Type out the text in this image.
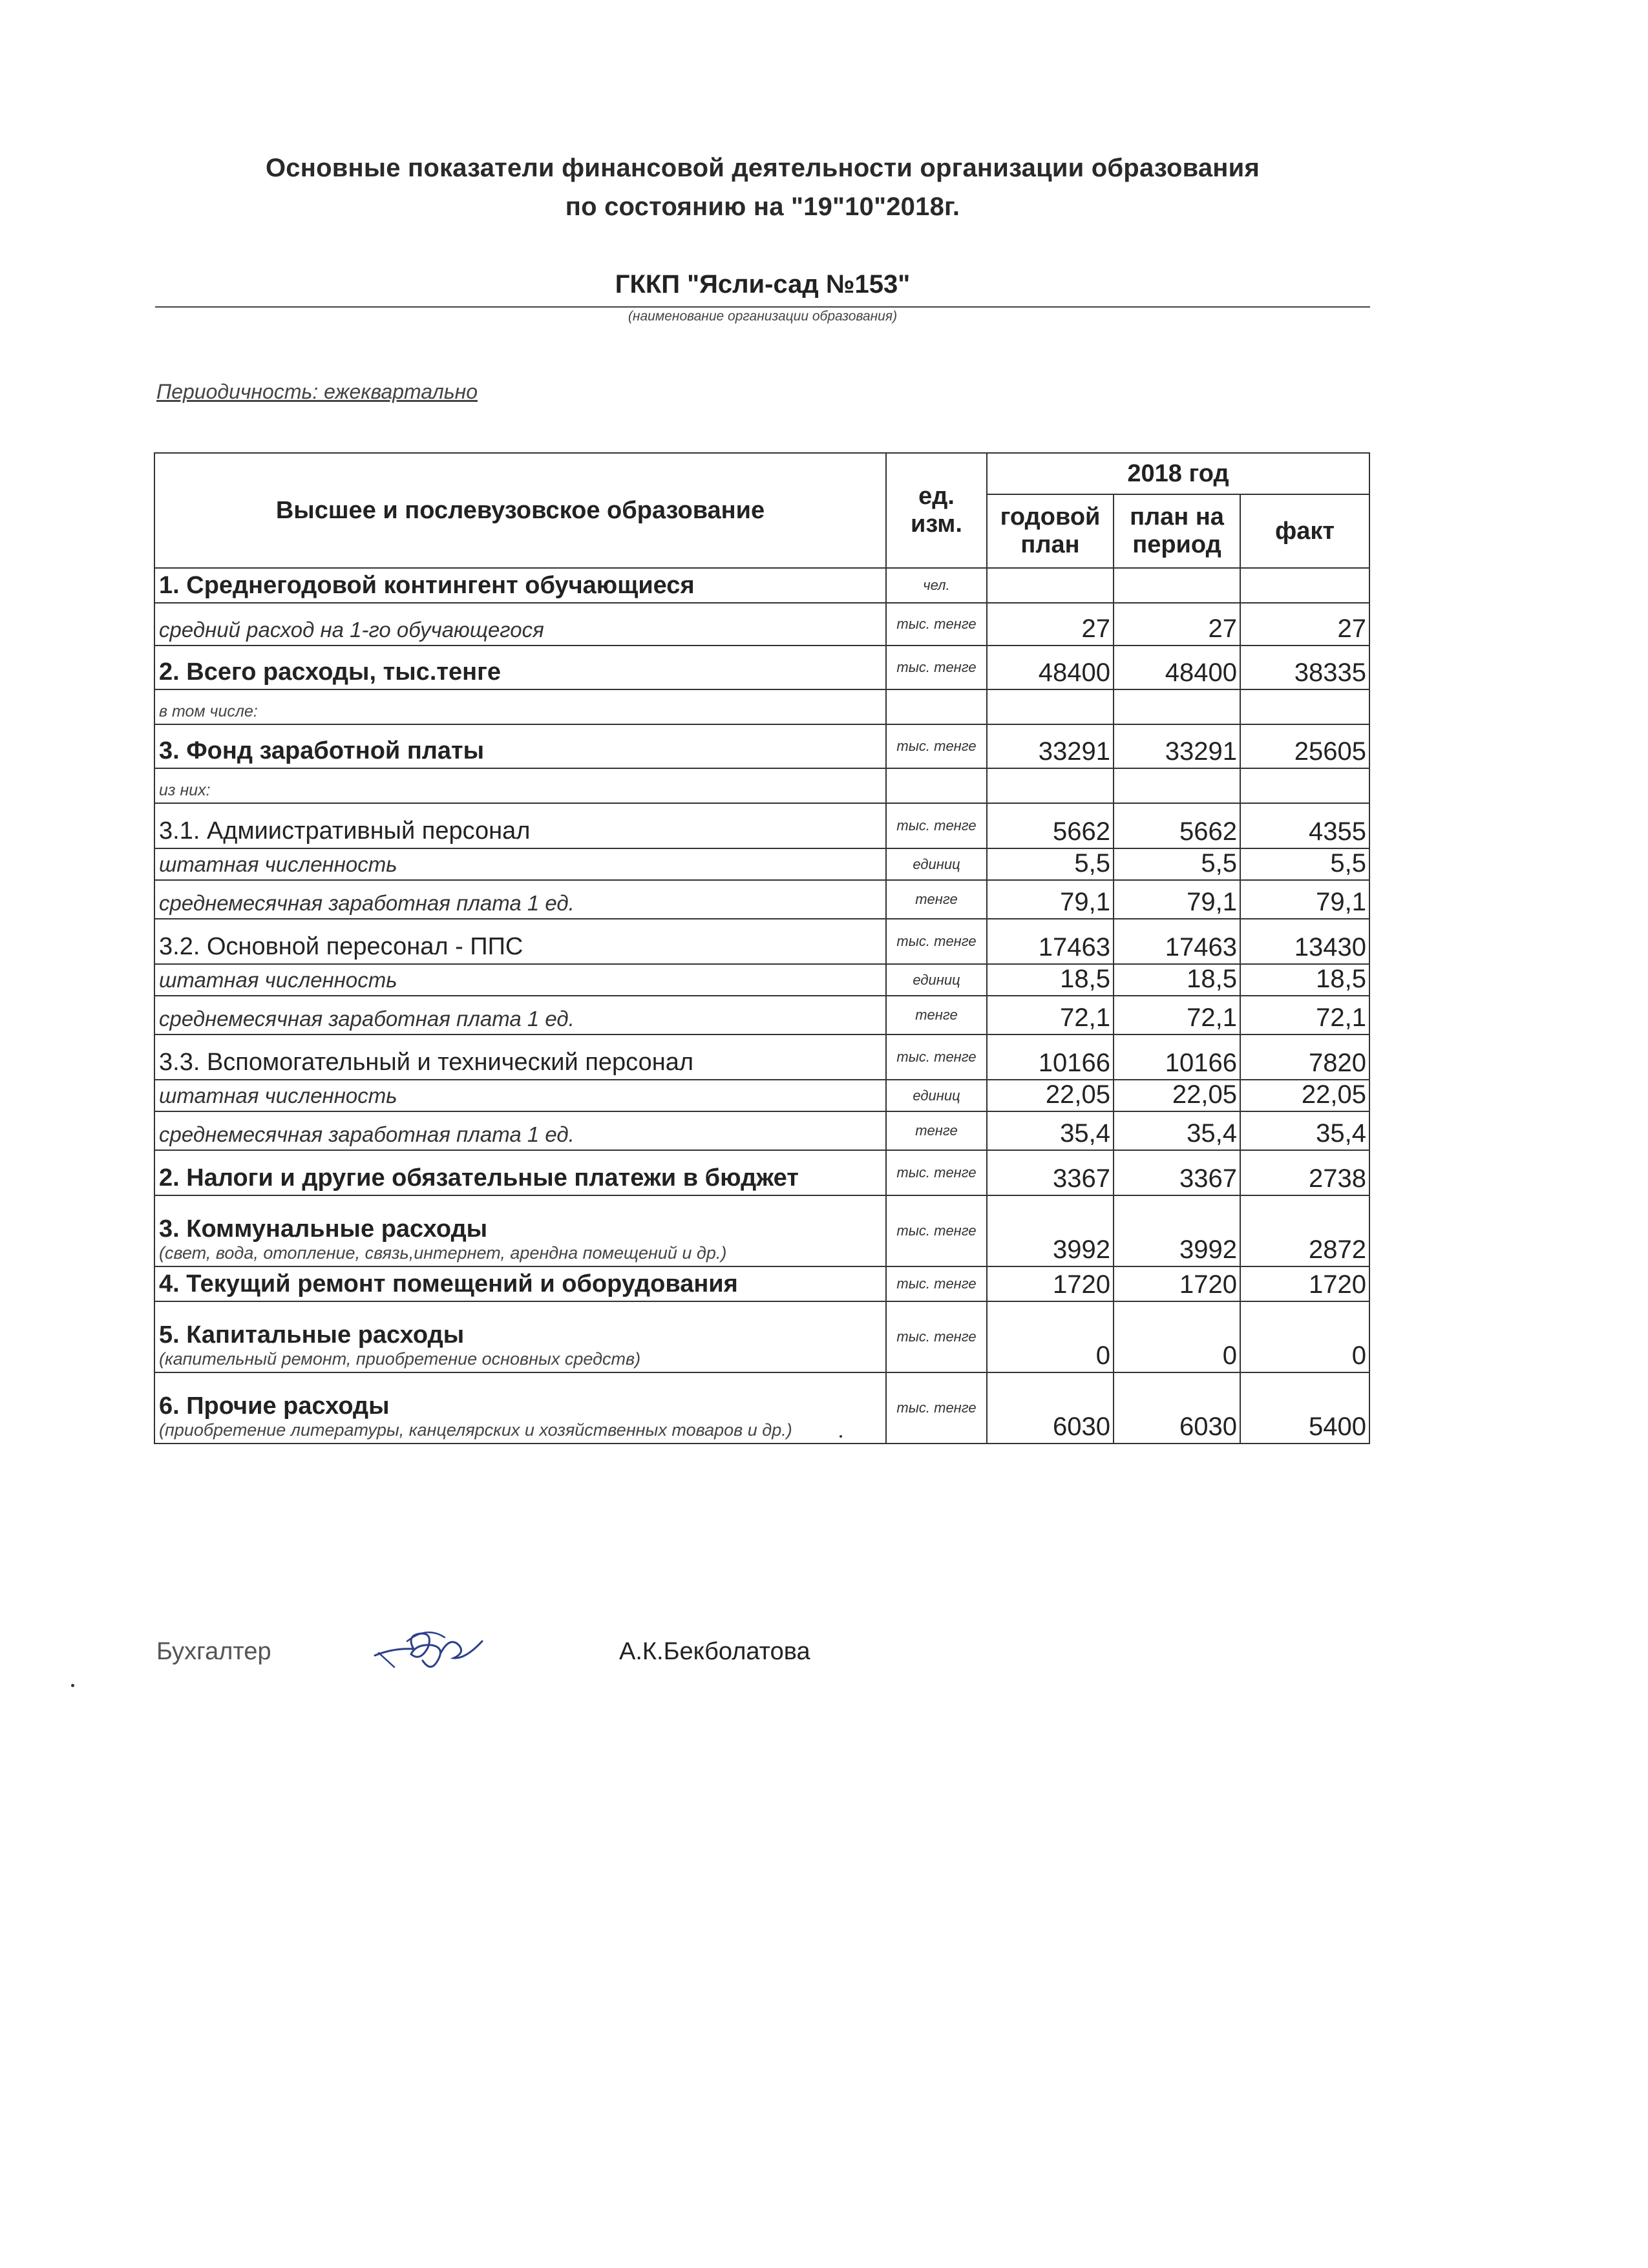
Основные показатели финансовой деятельности организации образования
по состоянию на "19"10"2018г.
ГККП "Ясли-сад №153"
(наименование организации образования)
Периодичность: ежеквартально
Высшее и послевузовское образование	ед. изм.	2018 год		
		годовой план	план на период	факт
1. Среднегодовой контингент обучающиеся	чел.			
средний расход на 1-го обучающегося	тыс. тенге	27	27	27
2. Всего расходы, тыс.тенге	тыс. тенге	48400	48400	38335
в том числе:				
3. Фонд заработной платы	тыс. тенге	33291	33291	25605
из них:				
3.1. Адмиистративный персонал	тыс. тенге	5662	5662	4355
штатная численность	единиц	5,5	5,5	5,5
среднемесячная заработная плата 1 ед.	тенге	79,1	79,1	79,1
3.2. Основной пересонал - ППС	тыс. тенге	17463	17463	13430
штатная численность	единиц	18,5	18,5	18,5
среднемесячная заработная плата 1 ед.	тенге	72,1	72,1	72,1
3.3. Вспомогательный и технический персонал	тыс. тенге	10166	10166	7820
штатная численность	единиц	22,05	22,05	22,05
среднемесячная заработная плата 1 ед.	тенге	35,4	35,4	35,4
2. Налоги и другие обязательные платежи в бюджет	тыс. тенге	3367	3367	2738
3. Коммунальные расходы
(свет, вода, отопление, связь,интернет, арендна помещений и др.)	тыс. тенге	3992	3992	2872
4. Текущий ремонт помещений и оборудования	тыс. тенге	1720	1720	1720
5. Капитальные расходы
(капительный ремонт, приобретение основных средств)	тыс. тенге	0	0	0
6. Прочие расходы
(приобретение литературы, канцелярских и хозяйственных товаров и др.)	тыс. тенге	6030	6030	5400
Бухгалтер	А.К.Бекболатова
